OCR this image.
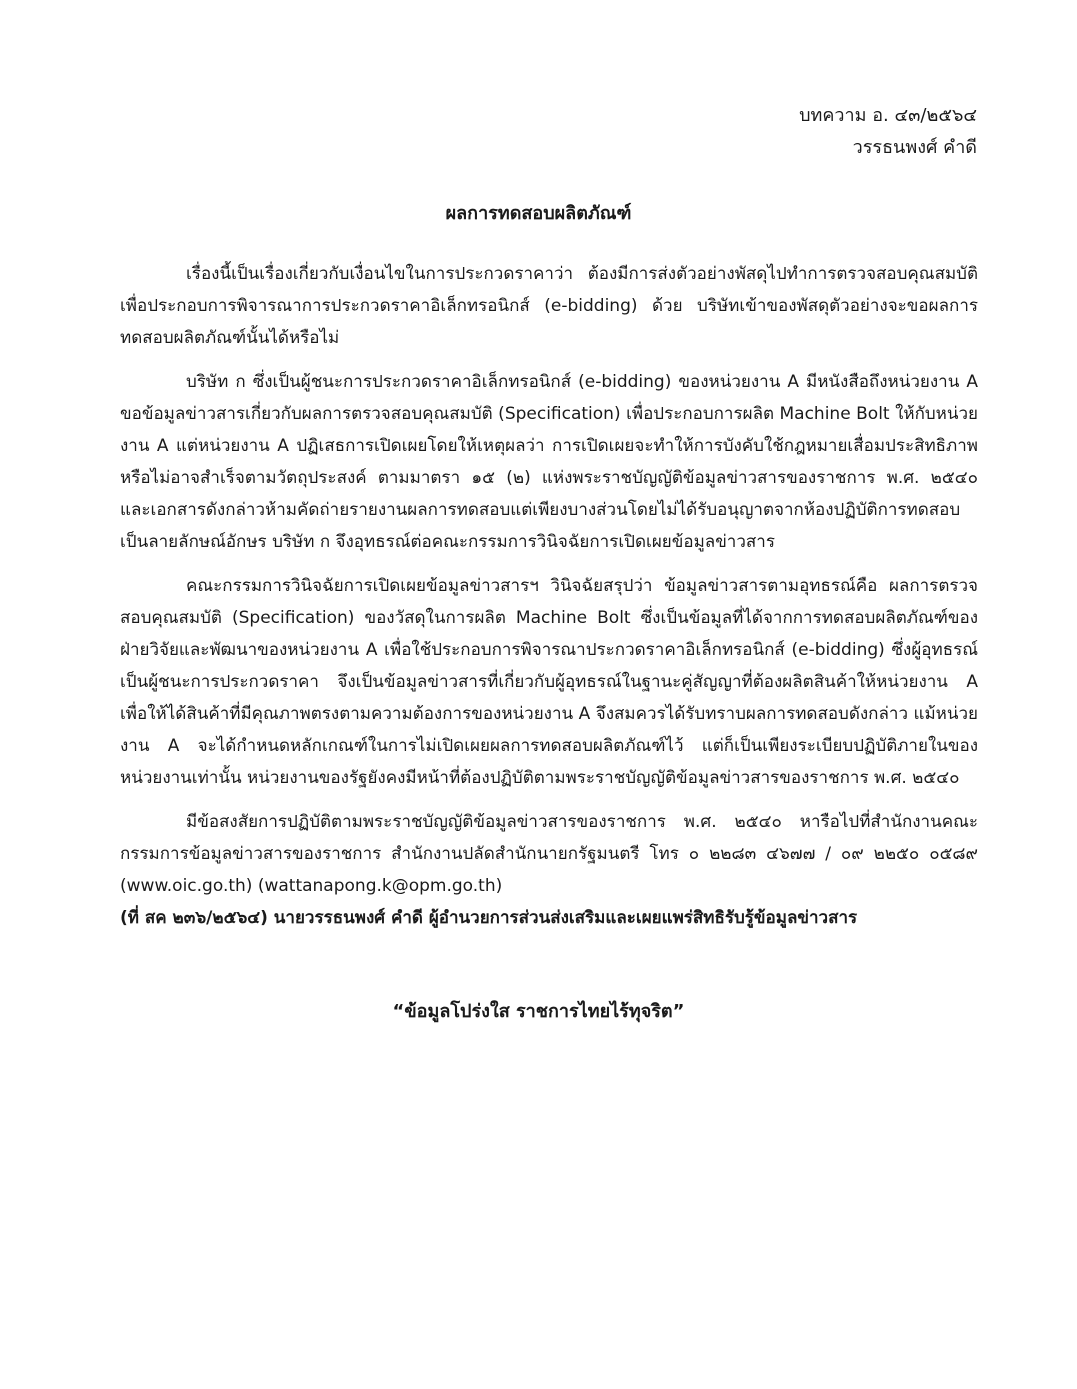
บทความ อ. ๔๓/๒๕๖๔
วรรธนพงศ์ คำดี
ผลการทดสอบผลิตภัณฑ์

เรื่องนี้เป็นเรื่องเกี่ยวกับเงื่อนไขในการประกวดราคาว่า ต้องมีการส่งตัวอย่างพัสดุไปทำการตรวจสอบคุณสมบัติ เพื่อประกอบการพิจารณาการประกวดราคาอิเล็กทรอนิกส์ (e-bidding) ด้วย บริษัทเข้าของพัสดุตัวอย่างจะขอผลการทดสอบผลิตภัณฑ์นั้นได้หรือไม่

บริษัท ก ซึ่งเป็นผู้ชนะการประกวดราคาอิเล็กทรอนิกส์ (e-bidding) ของหน่วยงาน A มีหนังสือถึงหน่วยงาน A ขอข้อมูลข่าวสารเกี่ยวกับผลการตรวจสอบคุณสมบัติ (Specification) เพื่อประกอบการผลิต Machine Bolt ให้กับหน่วยงาน A แต่หน่วยงาน A ปฏิเสธการเปิดเผยโดยให้เหตุผลว่า การเปิดเผยจะทำให้การบังคับใช้กฎหมายเสื่อมประสิทธิภาพหรือไม่อาจสำเร็จตามวัตถุประสงค์ ตามมาตรา ๑๕ (๒) แห่งพระราชบัญญัติข้อมูลข่าวสารของราชการ พ.ศ. ๒๕๔๐ และเอกสารดังกล่าวห้ามคัดถ่ายรายงานผลการทดสอบแต่เพียงบางส่วนโดยไม่ได้รับอนุญาตจากห้องปฏิบัติการทดสอบเป็นลายลักษณ์อักษร บริษัท ก จึงอุทธรณ์ต่อคณะกรรมการวินิจฉัยการเปิดเผยข้อมูลข่าวสาร

คณะกรรมการวินิจฉัยการเปิดเผยข้อมูลข่าวสารฯ วินิจฉัยสรุปว่า ข้อมูลข่าวสารตามอุทธรณ์คือ ผลการตรวจสอบคุณสมบัติ (Specification) ของวัสดุในการผลิต Machine Bolt ซึ่งเป็นข้อมูลที่ได้จากการทดสอบผลิตภัณฑ์ของฝ่ายวิจัยและพัฒนาของหน่วยงาน A เพื่อใช้ประกอบการพิจารณาประกวดราคาอิเล็กทรอนิกส์ (e-bidding) ซึ่งผู้อุทธรณ์เป็นผู้ชนะการประกวดราคา จึงเป็นข้อมูลข่าวสารที่เกี่ยวกับผู้อุทธรณ์ในฐานะคู่สัญญาที่ต้องผลิตสินค้าให้หน่วยงาน A เพื่อให้ได้สินค้าที่มีคุณภาพตรงตามความต้องการของหน่วยงาน A จึงสมควรได้รับทราบผลการทดสอบดังกล่าว แม้หน่วยงาน A จะได้กำหนดหลักเกณฑ์ในการไม่เปิดเผยผลการทดสอบผลิตภัณฑ์ไว้ แต่ก็เป็นเพียงระเบียบปฏิบัติภายในของหน่วยงานเท่านั้น หน่วยงานของรัฐยังคงมีหน้าที่ต้องปฏิบัติตามพระราชบัญญัติข้อมูลข่าวสารของราชการ พ.ศ. ๒๕๔๐

มีข้อสงสัยการปฏิบัติตามพระราชบัญญัติข้อมูลข่าวสารของราชการ พ.ศ. ๒๕๔๐ หารือไปที่สำนักงานคณะกรรมการข้อมูลข่าวสารของราชการ สำนักงานปลัดสำนักนายกรัฐมนตรี โทร ๐ ๒๒๘๓ ๔๖๗๗ / ๐๙ ๒๒๕๐ ๐๕๘๙ (www.oic.go.th) (wattanapong.k@opm.go.th)

(ที่ สค ๒๓๖/๒๕๖๔) นายวรรธนพงศ์ คำดี ผู้อำนวยการส่วนส่งเสริมและเผยแพร่สิทธิรับรู้ข้อมูลข่าวสาร

“ข้อมูลโปร่งใส ราชการไทยไร้ทุจริต”
